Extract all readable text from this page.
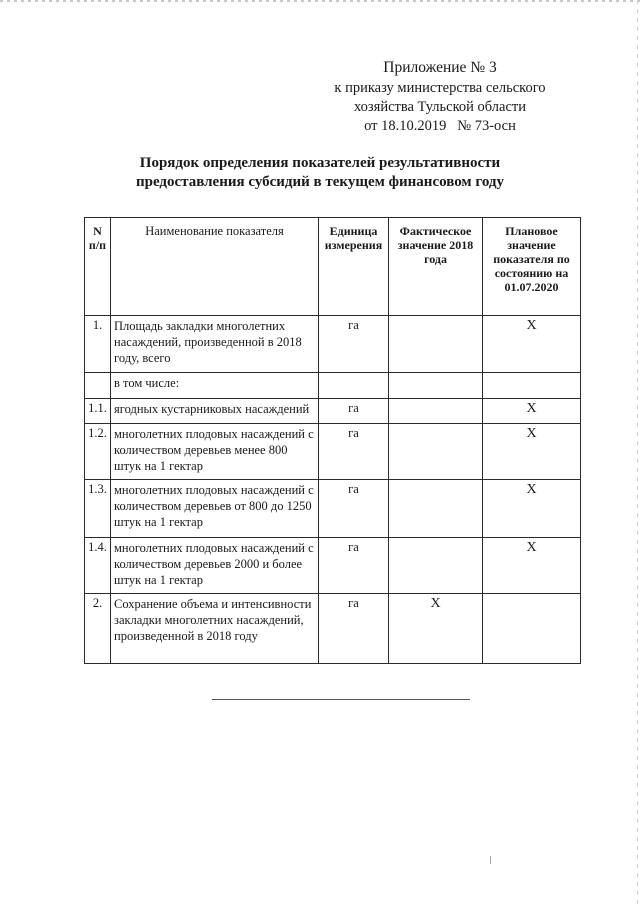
Приложение № 3
к приказу министерства сельского
хозяйства Тульской области
от 18.10.2019   № 73-осн
Порядок определения показателей результативности
предоставления субсидий в текущем финансовом году
N п/п	Наименование показателя	Единица измерения	Фактическое значение 2018 года	Плановое значение показателя по состоянию на 01.07.2020
1.	Площадь закладки многолетних насаждений, произведенной в 2018 году, всего	га		X
	в том числе:			
1.1.	ягодных кустарниковых насаждений	га		X
1.2.	многолетних плодовых насаждений с количеством деревьев менее 800 штук на 1 гектар	га		X
1.3.	многолетних плодовых насаждений с количеством деревьев от 800 до 1250 штук на 1 гектар	га		X
1.4.	многолетних плодовых насаждений с количеством деревьев 2000 и более штук на 1 гектар	га		X
2.	Сохранение объема и интенсивности закладки многолетних насаждений, произведенной в 2018 году	га	X	
